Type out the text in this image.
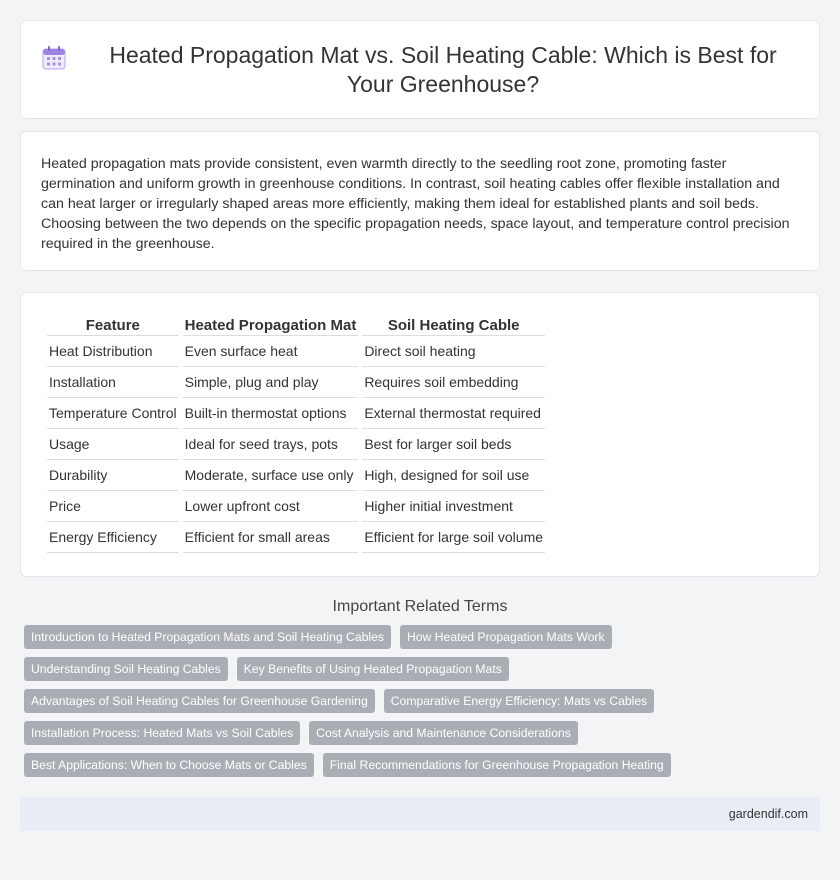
Heated Propagation Mat vs. Soil Heating Cable: Which is Best for Your Greenhouse?

Heated propagation mats provide consistent, even warmth directly to the seedling root zone, promoting faster germination and uniform growth in greenhouse conditions. In contrast, soil heating cables offer flexible installation and can heat larger or irregularly shaped areas more efficiently, making them ideal for established plants and soil beds. Choosing between the two depends on the specific propagation needs, space layout, and temperature control precision required in the greenhouse.

Feature	Heated Propagation Mat	Soil Heating Cable
Heat Distribution	Even surface heat	Direct soil heating
Installation	Simple, plug and play	Requires soil embedding
Temperature Control	Built-in thermostat options	External thermostat required
Usage	Ideal for seed trays, pots	Best for larger soil beds
Durability	Moderate, surface use only	High, designed for soil use
Price	Lower upfront cost	Higher initial investment
Energy Efficiency	Efficient for small areas	Efficient for large soil volume
Important Related Terms
Introduction to Heated Propagation Mats and Soil Heating Cables	How Heated Propagation Mats Work
Understanding Soil Heating Cables	Key Benefits of Using Heated Propagation Mats
Advantages of Soil Heating Cables for Greenhouse Gardening	Comparative Energy Efficiency: Mats vs Cables
Installation Process: Heated Mats vs Soil Cables	Cost Analysis and Maintenance Considerations
Best Applications: When to Choose Mats or Cables	Final Recommendations for Greenhouse Propagation Heating
gardendif.com
